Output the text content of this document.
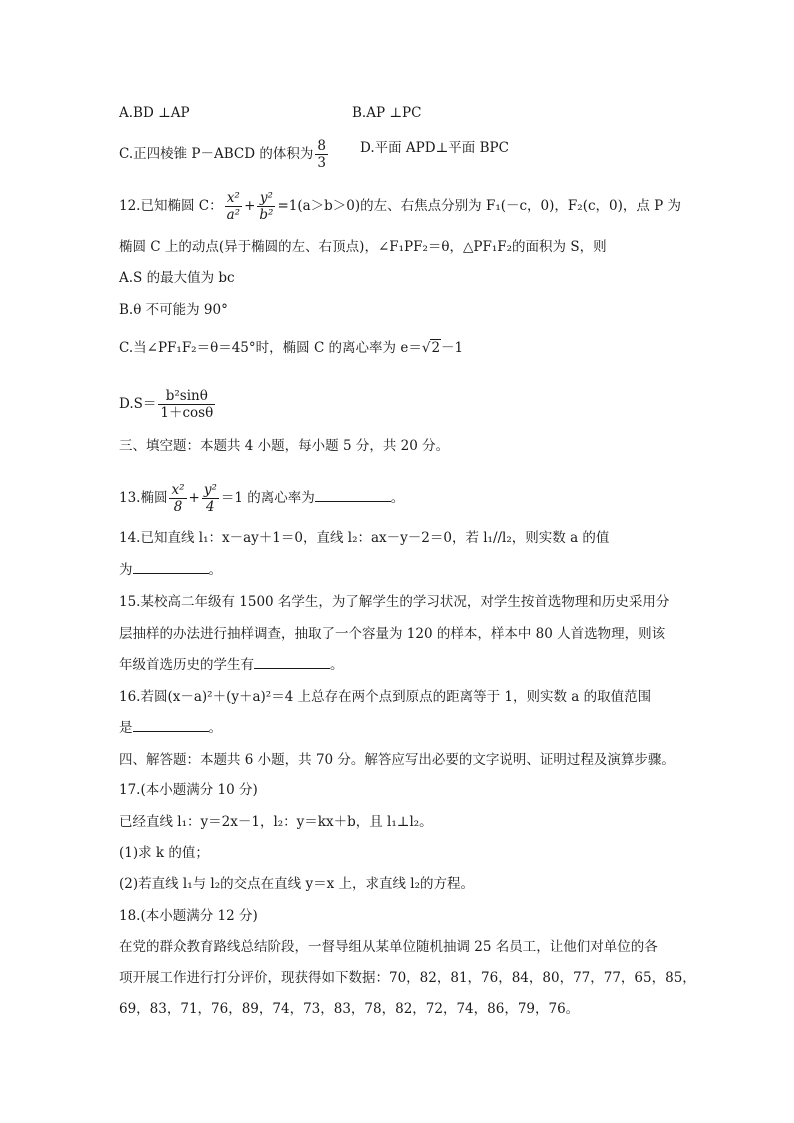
A.BD ⊥AP	B.AP ⊥PC
C.正四棱锥 P－ABCD 的体积为 $\frac{8}{3} D$.平面 APD⊥平面 BPC
12.已知椭圆 C： $\frac{\text{x²}}{\text{a²}} + \frac{\text{y²}}{\text{b²}} =1(a>b>0)$的左、右焦点分别为 F₁(－c，0)，F₂(c，0)，点 P 为
椭圆 C 上的动点(异于椭圆的左、右顶点)，∠F₁PF₂＝θ，△PF₁F₂的面积为 S，则
A.S 的最大值为 bc
B.θ 不可能为 90°
C.当∠PF₁F₂＝θ＝45°时，椭圆 C 的离心率为 e＝√2－1
$D.S= \frac{\text{b²sinθ}}{1+\cos\theta}$
三、填空题：本题共 4 小题，每小题 5 分，共 20 分。
13.椭圆 $\frac{\text{x²}}{8} + \frac{\text{y²}}{4} =1$ 的离心率为	。
14.已知直线 l₁：x－ay＋1＝0，直线 l₂：ax－y－2＝0，若 l₁//l₂，则实数 a 的值
为	。
15.某校高二年级有 1500 名学生，为了解学生的学习状况，对学生按首选物理和历史采用分
层抽样的办法进行抽样调查，抽取了一个容量为 120 的样本，样本中 80 人首选物理，则该
年级首选历史的学生有	。
16.若圆(x－a)²＋(y＋a)²＝4 上总存在两个点到原点的距离等于 1，则实数 a 的取值范围
是	。
四、解答题：本题共 6 小题，共 70 分。解答应写出必要的文字说明、证明过程及演算步骤。
17.(本小题满分 10 分)
已经直线 l₁：y＝2x－1，l₂：y＝kx＋b，且 l₁⊥l₂。
(1)求 k 的值；
(2)若直线 l₁与 l₂的交点在直线 y＝x 上，求直线 l₂的方程。
18.(本小题满分 12 分)
在党的群众教育路线总结阶段，一督导组从某单位随机抽调 25 名员工，让他们对单位的各
项开展工作进行打分评价，现获得如下数据：70，82，81，76，84，80，77，77，65，85，
69，83，71，76，89，74，73，83，78，82，72，74，86，79，76。
